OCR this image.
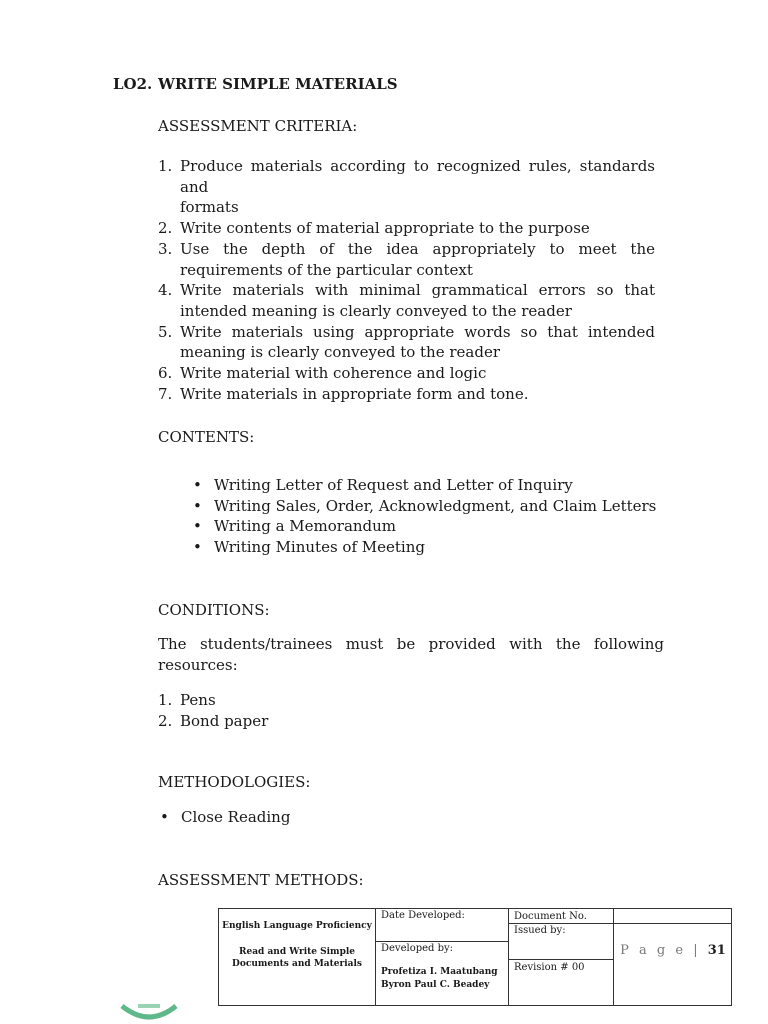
LO2. WRITE SIMPLE MATERIALS
ASSESSMENT CRITERIA:
1. Produce materials according to recognized rules, standards and
formats
2. Write contents of material appropriate to the purpose
3. Use the depth of the idea appropriately to meet the
requirements of the particular context
4. Write materials with minimal grammatical errors so that
intended meaning is clearly conveyed to the reader
5. Write materials using appropriate words so that intended
meaning is clearly conveyed to the reader
6. Write material with coherence and logic
7. Write materials in appropriate form and tone.
CONTENTS:
• Writing Letter of Request and Letter of Inquiry
• Writing Sales, Order, Acknowledgment, and Claim Letters
• Writing a Memorandum
• Writing Minutes of Meeting
CONDITIONS:
The students/trainees must be provided with the following
resources:
1. Pens
2. Bond paper
METHODOLOGIES:
• Close Reading
ASSESSMENT METHODS:
English Language Proficiency
Read and Write Simple Documents and Materials
Date Developed:
Developed by:
Profetiza I. Maatubang
Byron Paul C. Beadey
Document No.
Issued by:
Revision # 00
P a g e | 31
